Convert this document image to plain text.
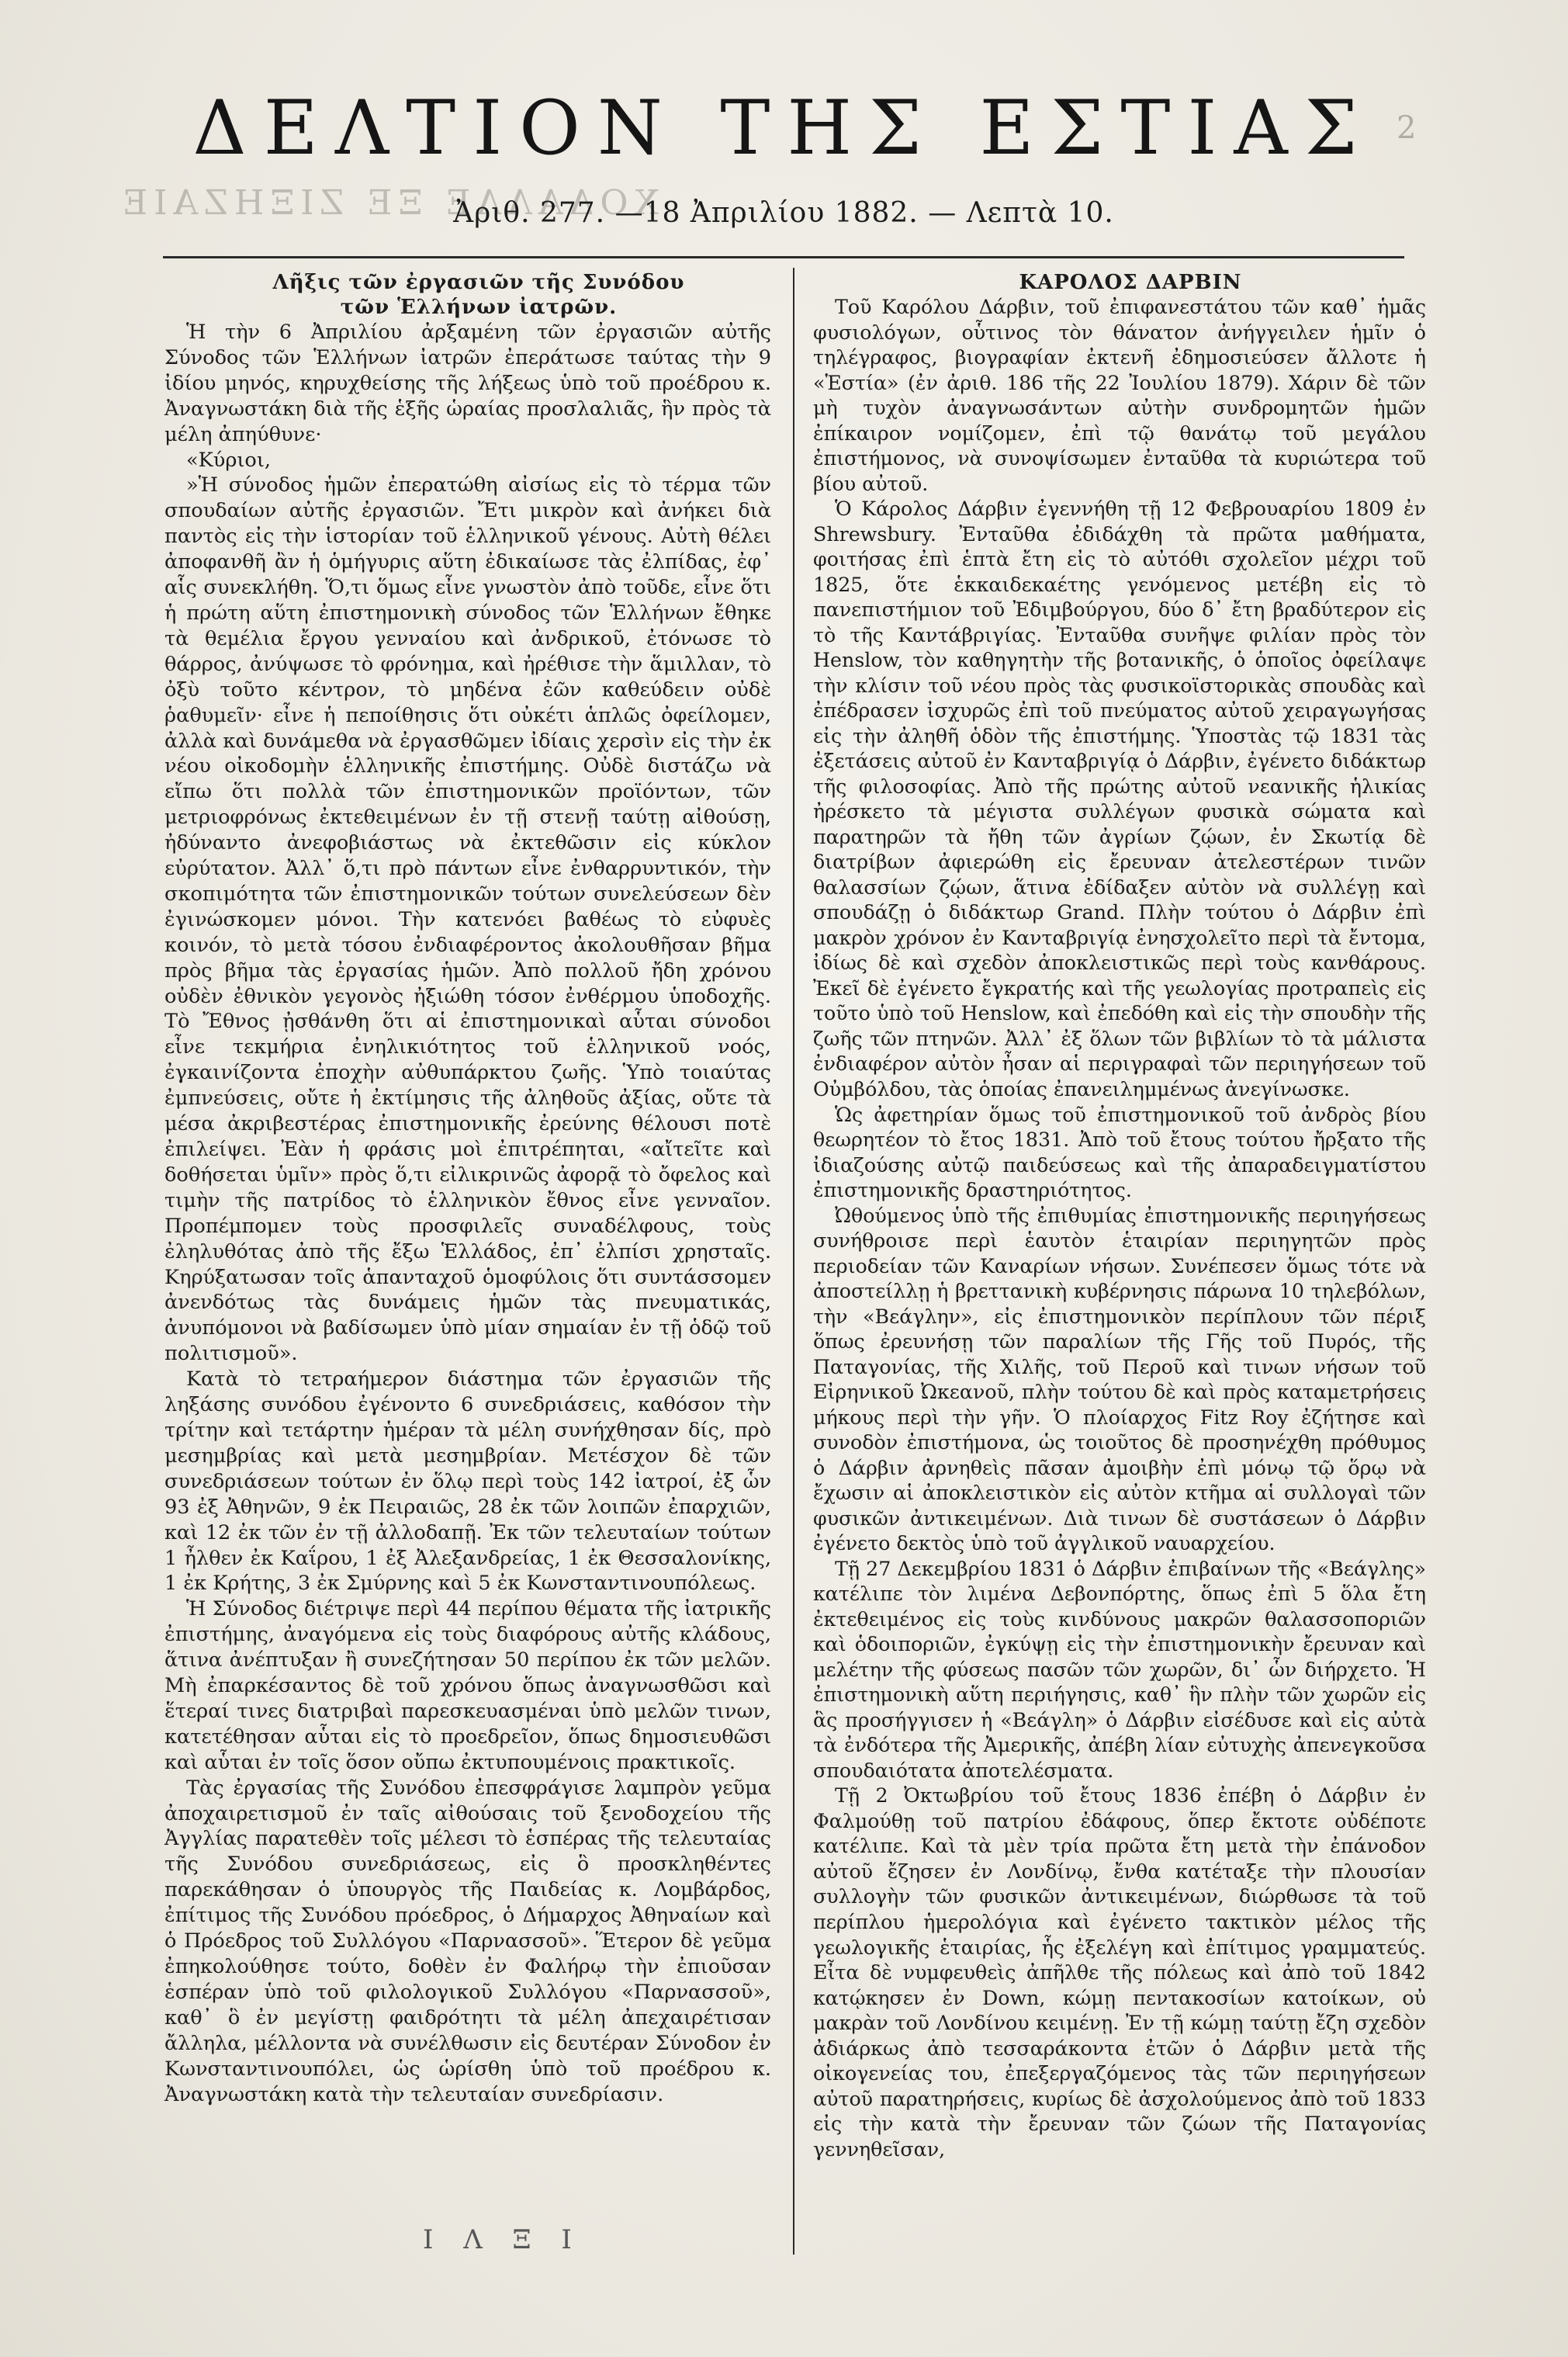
ΧΟΔΑΛΛΕ ΞΕ ΖΙΞΗΖΑΙΕ
2
ΔΕΛΤΙΟΝ ΤΗΣ ΕΣΤΙΑΣ
Ἀριθ. 277. —18 Ἀπριλίου 1882. — Λεπτὰ 10.

Λῆξις τῶν ἐργασιῶν τῆς Συνόδου

τῶν Ἑλλήνων ἰατρῶν.

Ἡ τὴν 6 Ἀπριλίου ἀρξαμένη τῶν ἐργασιῶν αὐτῆς Σύνοδος τῶν Ἑλλήνων ἰατρῶν ἐπεράτωσε ταύτας τὴν 9 ἰδίου μηνός, κηρυχθείσης τῆς λήξεως ὑπὸ τοῦ προέδρου κ. Ἀναγνωστάκη διὰ τῆς ἑξῆς ὡραίας προσλαλιᾶς, ἣν πρὸς τὰ μέλη ἀπηύθυνε·

«Κύριοι,

»Ἡ σύνοδος ἡμῶν ἐπερατώθη αἰσίως εἰς τὸ τέρμα τῶν σπουδαίων αὐτῆς ἐργασιῶν. Ἔτι μικρὸν καὶ ἀνήκει διὰ παντὸς εἰς τὴν ἱστορίαν τοῦ ἑλληνικοῦ γένους. Αὐτὴ θέλει ἀποφανθῆ ἂν ἡ ὁμήγυρις αὕτη ἐδικαίωσε τὰς ἐλπίδας, ἐφ᾽ αἷς συνεκλήθη. Ὅ,τι ὅμως εἶνε γνωστὸν ἀπὸ τοῦδε, εἶνε ὅτι ἡ πρώτη αὕτη ἐπιστημονικὴ σύνοδος τῶν Ἑλλήνων ἔθηκε τὰ θεμέλια ἔργου γενναίου καὶ ἀνδρικοῦ, ἐτόνωσε τὸ θάρρος, ἀνύψωσε τὸ φρόνημα, καὶ ἠρέθισε τὴν ἅμιλλαν, τὸ ὀξὺ τοῦτο κέντρον, τὸ μηδένα ἐῶν καθεύδειν οὐδὲ ῥαθυμεῖν· εἶνε ἡ πεποίθησις ὅτι οὐκέτι ἁπλῶς ὀφείλομεν, ἀλλὰ καὶ δυνάμεθα νὰ ἐργασθῶμεν ἰδίαις χερσὶν εἰς τὴν ἐκ νέου οἰκοδομὴν ἑλληνικῆς ἐπιστήμης. Οὐδὲ διστάζω νὰ εἴπω ὅτι πολλὰ τῶν ἐπιστημονικῶν προϊόντων, τῶν μετριοφρόνως ἐκτεθειμένων ἐν τῇ στενῇ ταύτῃ αἰθούσῃ, ἠδύναντο ἀνεφοβιάστως νὰ ἐκτεθῶσιν εἰς κύκλον εὐρύτατον. Ἀλλ᾽ ὅ,τι πρὸ πάντων εἶνε ἐνθαρρυντικόν, τὴν σκοπιμότητα τῶν ἐπιστημονικῶν τούτων συνελεύσεων δὲν ἐγινώσκομεν μόνοι. Τὴν κατενόει βαθέως τὸ εὐφυὲς κοινόν, τὸ μετὰ τόσου ἐνδιαφέροντος ἀκολουθῆσαν βῆμα πρὸς βῆμα τὰς ἐργασίας ἡμῶν. Ἀπὸ πολλοῦ ἤδη χρόνου οὐδὲν ἐθνικὸν γεγονὸς ἠξιώθη τόσον ἐνθέρμου ὑποδοχῆς. Τὸ Ἔθνος ᾐσθάνθη ὅτι αἱ ἐπιστημονικαὶ αὗται σύνοδοι εἶνε τεκμήρια ἐνηλικιότητος τοῦ ἑλληνικοῦ νοός, ἐγκαινίζοντα ἐποχὴν αὐθυπάρκτου ζωῆς. Ὑπὸ τοιαύτας ἐμπνεύσεις, οὔτε ἡ ἐκτίμησις τῆς ἀληθοῦς ἀξίας, οὔτε τὰ μέσα ἀκριβεστέρας ἐπιστημονικῆς ἐρεύνης θέλουσι ποτὲ ἐπιλείψει. Ἐὰν ἡ φράσις μοὶ ἐπιτρέπηται, «αἴτεῖτε καὶ δοθήσεται ὑμῖν» πρὸς ὅ,τι εἰλικρινῶς ἀφορᾷ τὸ ὄφελος καὶ τιμὴν τῆς πατρίδος τὸ ἑλληνικὸν ἔθνος εἶνε γενναῖον. Προπέμπομεν τοὺς προσφιλεῖς συναδέλφους, τοὺς ἐληλυθότας ἀπὸ τῆς ἔξω Ἑλλάδος, ἐπ᾽ ἐλπίσι χρησταῖς. Κηρύξατωσαν τοῖς ἁπανταχοῦ ὁμοφύλοις ὅτι συντάσσομεν ἀνενδότως τὰς δυνάμεις ἡμῶν τὰς πνευματικάς, ἀνυπόμονοι νὰ βαδίσωμεν ὑπὸ μίαν σημαίαν ἐν τῇ ὁδῷ τοῦ πολιτισμοῦ».

Κατὰ τὸ τετραήμερον διάστημα τῶν ἐργασιῶν τῆς ληξάσης συνόδου ἐγένοντο 6 συνεδριάσεις, καθόσον τὴν τρίτην καὶ τετάρτην ἡμέραν τὰ μέλη συνήχθησαν δίς, πρὸ μεσημβρίας καὶ μετὰ μεσημβρίαν. Μετέσχον δὲ τῶν συνεδριάσεων τούτων ἐν ὅλῳ περὶ τοὺς 142 ἰατροί, ἐξ ὧν 93 ἐξ Ἀθηνῶν, 9 ἐκ Πειραιῶς, 28 ἐκ τῶν λοιπῶν ἐπαρχιῶν, καὶ 12 ἐκ τῶν ἐν τῇ ἀλλοδαπῇ. Ἐκ τῶν τελευταίων τούτων 1 ἦλθεν ἐκ Καΐρου, 1 ἐξ Ἀλεξανδρείας, 1 ἐκ Θεσσαλονίκης, 1 ἐκ Κρήτης, 3 ἐκ Σμύρνης καὶ 5 ἐκ Κωνσταντινουπόλεως.

Ἡ Σύνοδος διέτριψε περὶ 44 περίπου θέματα τῆς ἰατρικῆς ἐπιστήμης, ἀναγόμενα εἰς τοὺς διαφόρους αὐτῆς κλάδους, ἅτινα ἀνέπτυξαν ἢ συνεζήτησαν 50 περίπου ἐκ τῶν μελῶν. Μὴ ἐπαρκέσαντος δὲ τοῦ χρόνου ὅπως ἀναγνωσθῶσι καὶ ἕτεραί τινες διατριβαὶ παρεσκευασμέναι ὑπὸ μελῶν τινων, κατετέθησαν αὗται εἰς τὸ προεδρεῖον, ὅπως δημοσιευθῶσι καὶ αὗται ἐν τοῖς ὅσον οὔπω ἐκτυπουμένοις πρακτικοῖς.

Τὰς ἐργασίας τῆς Συνόδου ἐπεσφράγισε λαμπρὸν γεῦμα ἀποχαιρετισμοῦ ἐν ταῖς αἰθούσαις τοῦ ξενοδοχείου τῆς Ἀγγλίας παρατεθὲν τοῖς μέλεσι τὸ ἑσπέρας τῆς τελευταίας τῆς Συνόδου συνεδριάσεως, εἰς ὃ προσκληθέντες παρεκάθησαν ὁ ὑπουργὸς τῆς Παιδείας κ. Λομβάρδος, ἐπίτιμος τῆς Συνόδου πρόεδρος, ὁ Δήμαρχος Ἀθηναίων καὶ ὁ Πρόεδρος τοῦ Συλλόγου «Παρνασσοῦ». Ἕτερον δὲ γεῦμα ἐπηκολούθησε τούτο, δοθὲν ἐν Φαλήρῳ τὴν ἐπιοῦσαν ἑσπέραν ὑπὸ τοῦ φιλολογικοῦ Συλλόγου «Παρνασσοῦ», καθ᾽ ὃ ἐν μεγίστῃ φαιδρότητι τὰ μέλη ἀπεχαιρέτισαν ἄλληλα, μέλλοντα νὰ συνέλθωσιν εἰς δευτέραν Σύνοδον ἐν Κωνσταντινουπόλει, ὡς ὡρίσθη ὑπὸ τοῦ προέδρου κ. Ἀναγνωστάκη κατὰ τὴν τελευταίαν συνεδρίασιν.

ΚΑΡΟΛΟΣ ΔΑΡΒΙΝ

Τοῦ Καρόλου Δάρβιν, τοῦ ἐπιφανεστάτου τῶν καθ᾽ ἡμᾶς φυσιολόγων, οὗτινος τὸν θάνατον ἀνήγγειλεν ἡμῖν ὁ τηλέγραφος, βιογραφίαν ἐκτενῆ ἐδημοσιεύσεν ἄλλοτε ἡ «Ἑστία» (ἐν ἀριθ. 186 τῆς 22 Ἰουλίου 1879). Χάριν δὲ τῶν μὴ τυχὸν ἀναγνωσάντων αὐτὴν συνδρομητῶν ἡμῶν ἐπίκαιρον νομίζομεν, ἐπὶ τῷ θανάτῳ τοῦ μεγάλου ἐπιστήμονος, νὰ συνοψίσωμεν ἐνταῦθα τὰ κυριώτερα τοῦ βίου αὐτοῦ.

Ὁ Κάρολος Δάρβιν ἐγεννήθη τῇ 12 Φεβρουαρίου 1809 ἐν Shrewsbury. Ἐνταῦθα ἐδιδάχθη τὰ πρῶτα μαθήματα, φοιτήσας ἐπὶ ἑπτὰ ἔτη εἰς τὸ αὐτόθι σχολεῖον μέχρι τοῦ 1825, ὅτε ἑκκαιδεκαέτης γενόμενος μετέβη εἰς τὸ πανεπιστήμιον τοῦ Ἐδιμβούργου, δύο δ᾽ ἔτη βραδύτερον εἰς τὸ τῆς Καντάβριγίας. Ἐνταῦθα συνῆψε φιλίαν πρὸς τὸν Henslow, τὸν καθηγητὴν τῆς βοτανικῆς, ὁ ὁποῖος ὀφείλαψε τὴν κλίσιν τοῦ νέου πρὸς τὰς φυσικοϊστορικὰς σπουδὰς καὶ ἐπέδρασεν ἰσχυρῶς ἐπὶ τοῦ πνεύματος αὐτοῦ χειραγωγήσας εἰς τὴν ἀληθῆ ὁδὸν τῆς ἐπιστήμης. Ὑποστὰς τῷ 1831 τὰς ἐξετάσεις αὐτοῦ ἐν Κανταβριγίᾳ ὁ Δάρβιν, ἐγένετο διδάκτωρ τῆς φιλοσοφίας. Ἀπὸ τῆς πρώτης αὐτοῦ νεανικῆς ἡλικίας ἠρέσκετο τὰ μέγιστα συλλέγων φυσικὰ σώματα καὶ παρατηρῶν τὰ ἤθη τῶν ἀγρίων ζῴων, ἐν Σκωτίᾳ δὲ διατρίβων ἀφιερώθη εἰς ἔρευναν ἀτελεστέρων τινῶν θαλασσίων ζῴων, ἅτινα ἐδίδαξεν αὐτὸν νὰ συλλέγῃ καὶ σπουδάζῃ ὁ διδάκτωρ Grand. Πλὴν τούτου ὁ Δάρβιν ἐπὶ μακρὸν χρόνον ἐν Κανταβριγίᾳ ἐνησχολεῖτο περὶ τὰ ἔντομα, ἰδίως δὲ καὶ σχεδὸν ἀποκλειστικῶς περὶ τοὺς κανθάρους. Ἐκεῖ δὲ ἐγένετο ἔγκρατής καὶ τῆς γεωλογίας προτραπεὶς εἰς τοῦτο ὑπὸ τοῦ Henslow, καὶ ἐπεδόθη καὶ εἰς τὴν σπουδὴν τῆς ζωῆς τῶν πτηνῶν. Ἀλλ᾽ ἐξ ὅλων τῶν βιβλίων τὸ τὰ μάλιστα ἐνδιαφέρον αὐτὸν ἦσαν αἱ περιγραφαὶ τῶν περιηγήσεων τοῦ Οὐμβόλδου, τὰς ὁποίας ἐπανειλημμένως ἀνεγίνωσκε.

Ὡς ἀφετηρίαν ὅμως τοῦ ἐπιστημονικοῦ τοῦ ἀνδρὸς βίου θεωρητέον τὸ ἔτος 1831. Ἀπὸ τοῦ ἔτους τούτου ἤρξατο τῆς ἰδιαζούσης αὐτῷ παιδεύσεως καὶ τῆς ἀπαραδειγματίστου ἐπιστημονικῆς δραστηριότητος.

Ὠθούμενος ὑπὸ τῆς ἐπιθυμίας ἐπιστημονικῆς περιηγήσεως συνήθροισε περὶ ἑαυτὸν ἑταιρίαν περιηγητῶν πρὸς περιοδείαν τῶν Καναρίων νήσων. Συνέπεσεν ὅμως τότε νὰ ἀποστείλλῃ ἡ βρεττανικὴ κυβέρνησις πάρωνα 10 τηλεβόλων, τὴν «Βεάγλην», εἰς ἐπιστημονικὸν περίπλουν τῶν πέριξ ὅπως ἐρευνήσῃ τῶν παραλίων τῆς Γῆς τοῦ Πυρός, τῆς Παταγονίας, τῆς Χιλῆς, τοῦ Περοῦ καὶ τινων νήσων τοῦ Εἰρηνικοῦ Ὠκεανοῦ, πλὴν τούτου δὲ καὶ πρὸς καταμετρήσεις μήκους περὶ τὴν γῆν. Ὁ πλοίαρχος Fitz Roy ἐζήτησε καὶ συνοδὸν ἐπιστήμονα, ὡς τοιοῦτος δὲ προσηνέχθη πρόθυμος ὁ Δάρβιν ἀρνηθεὶς πᾶσαν ἀμοιβὴν ἐπὶ μόνῳ τῷ ὅρῳ νὰ ἔχωσιν αἱ ἀποκλειστικὸν εἰς αὐτὸν κτῆμα αἱ συλλογαὶ τῶν φυσικῶν ἀντικειμένων. Διὰ τινων δὲ συστάσεων ὁ Δάρβιν ἐγένετο δεκτὸς ὑπὸ τοῦ ἀγγλικοῦ ναυαρχείου.

Τῇ 27 Δεκεμβρίου 1831 ὁ Δάρβιν ἐπιβαίνων τῆς «Βεάγλης» κατέλιπε τὸν λιμένα Δεβονπόρτης, ὅπως ἐπὶ 5 ὅλα ἔτη ἐκτεθειμένος εἰς τοὺς κινδύνους μακρῶν θαλασσοποριῶν καὶ ὁδοιποριῶν, ἐγκύψῃ εἰς τὴν ἐπιστημονικὴν ἔρευναν καὶ μελέτην τῆς φύσεως πασῶν τῶν χωρῶν, δι᾽ ὧν διήρχετο. Ἡ ἐπιστημονικὴ αὕτη περιήγησις, καθ᾽ ἣν πλὴν τῶν χωρῶν εἰς ἃς προσήγγισεν ἡ «Βεάγλη» ὁ Δάρβιν εἰσέδυσε καὶ εἰς αὐτὰ τὰ ἐνδότερα τῆς Ἀμερικῆς, ἀπέβη λίαν εὐτυχὴς ἀπενεγκοῦσα σπουδαιότατα ἀποτελέσματα.

Τῇ 2 Ὀκτωβρίου τοῦ ἔτους 1836 ἐπέβη ὁ Δάρβιν ἐν Φαλμούθῃ τοῦ πατρίου ἐδάφους, ὅπερ ἔκτοτε οὐδέποτε κατέλιπε. Καὶ τὰ μὲν τρία πρῶτα ἔτη μετὰ τὴν ἐπάνοδον αὐτοῦ ἔζησεν ἐν Λονδίνῳ, ἔνθα κατέταξε τὴν πλουσίαν συλλογὴν τῶν φυσικῶν ἀντικειμένων, διώρθωσε τὰ τοῦ περίπλου ἡμερολόγια καὶ ἐγένετο τακτικὸν μέλος τῆς γεωλογικῆς ἑταιρίας, ἧς ἐξελέγη καὶ ἐπίτιμος γραμματεύς. Εἶτα δὲ νυμφευθεὶς ἀπῆλθε τῆς πόλεως καὶ ἀπὸ τοῦ 1842 κατῴκησεν ἐν Down, κώμῃ πεντακοσίων κατοίκων, οὐ μακρὰν τοῦ Λονδίνου κειμένῃ. Ἐν τῇ κώμῃ ταύτῃ ἔζη σχεδὸν ἀδιάρκως ἀπὸ τεσσαράκοντα ἐτῶν ὁ Δάρβιν μετὰ τῆς οἰκογενείας του, ἐπεξεργαζόμενος τὰς τῶν περιηγήσεων αὐτοῦ παρατηρήσεις, κυρίως δὲ ἀσχολούμενος ἀπὸ τοῦ 1833 εἰς τὴν κατὰ τὴν ἔρευναν τῶν ζώων τῆς Παταγονίας γεννηθεῖσαν,

Ι Λ Ξ Ι
